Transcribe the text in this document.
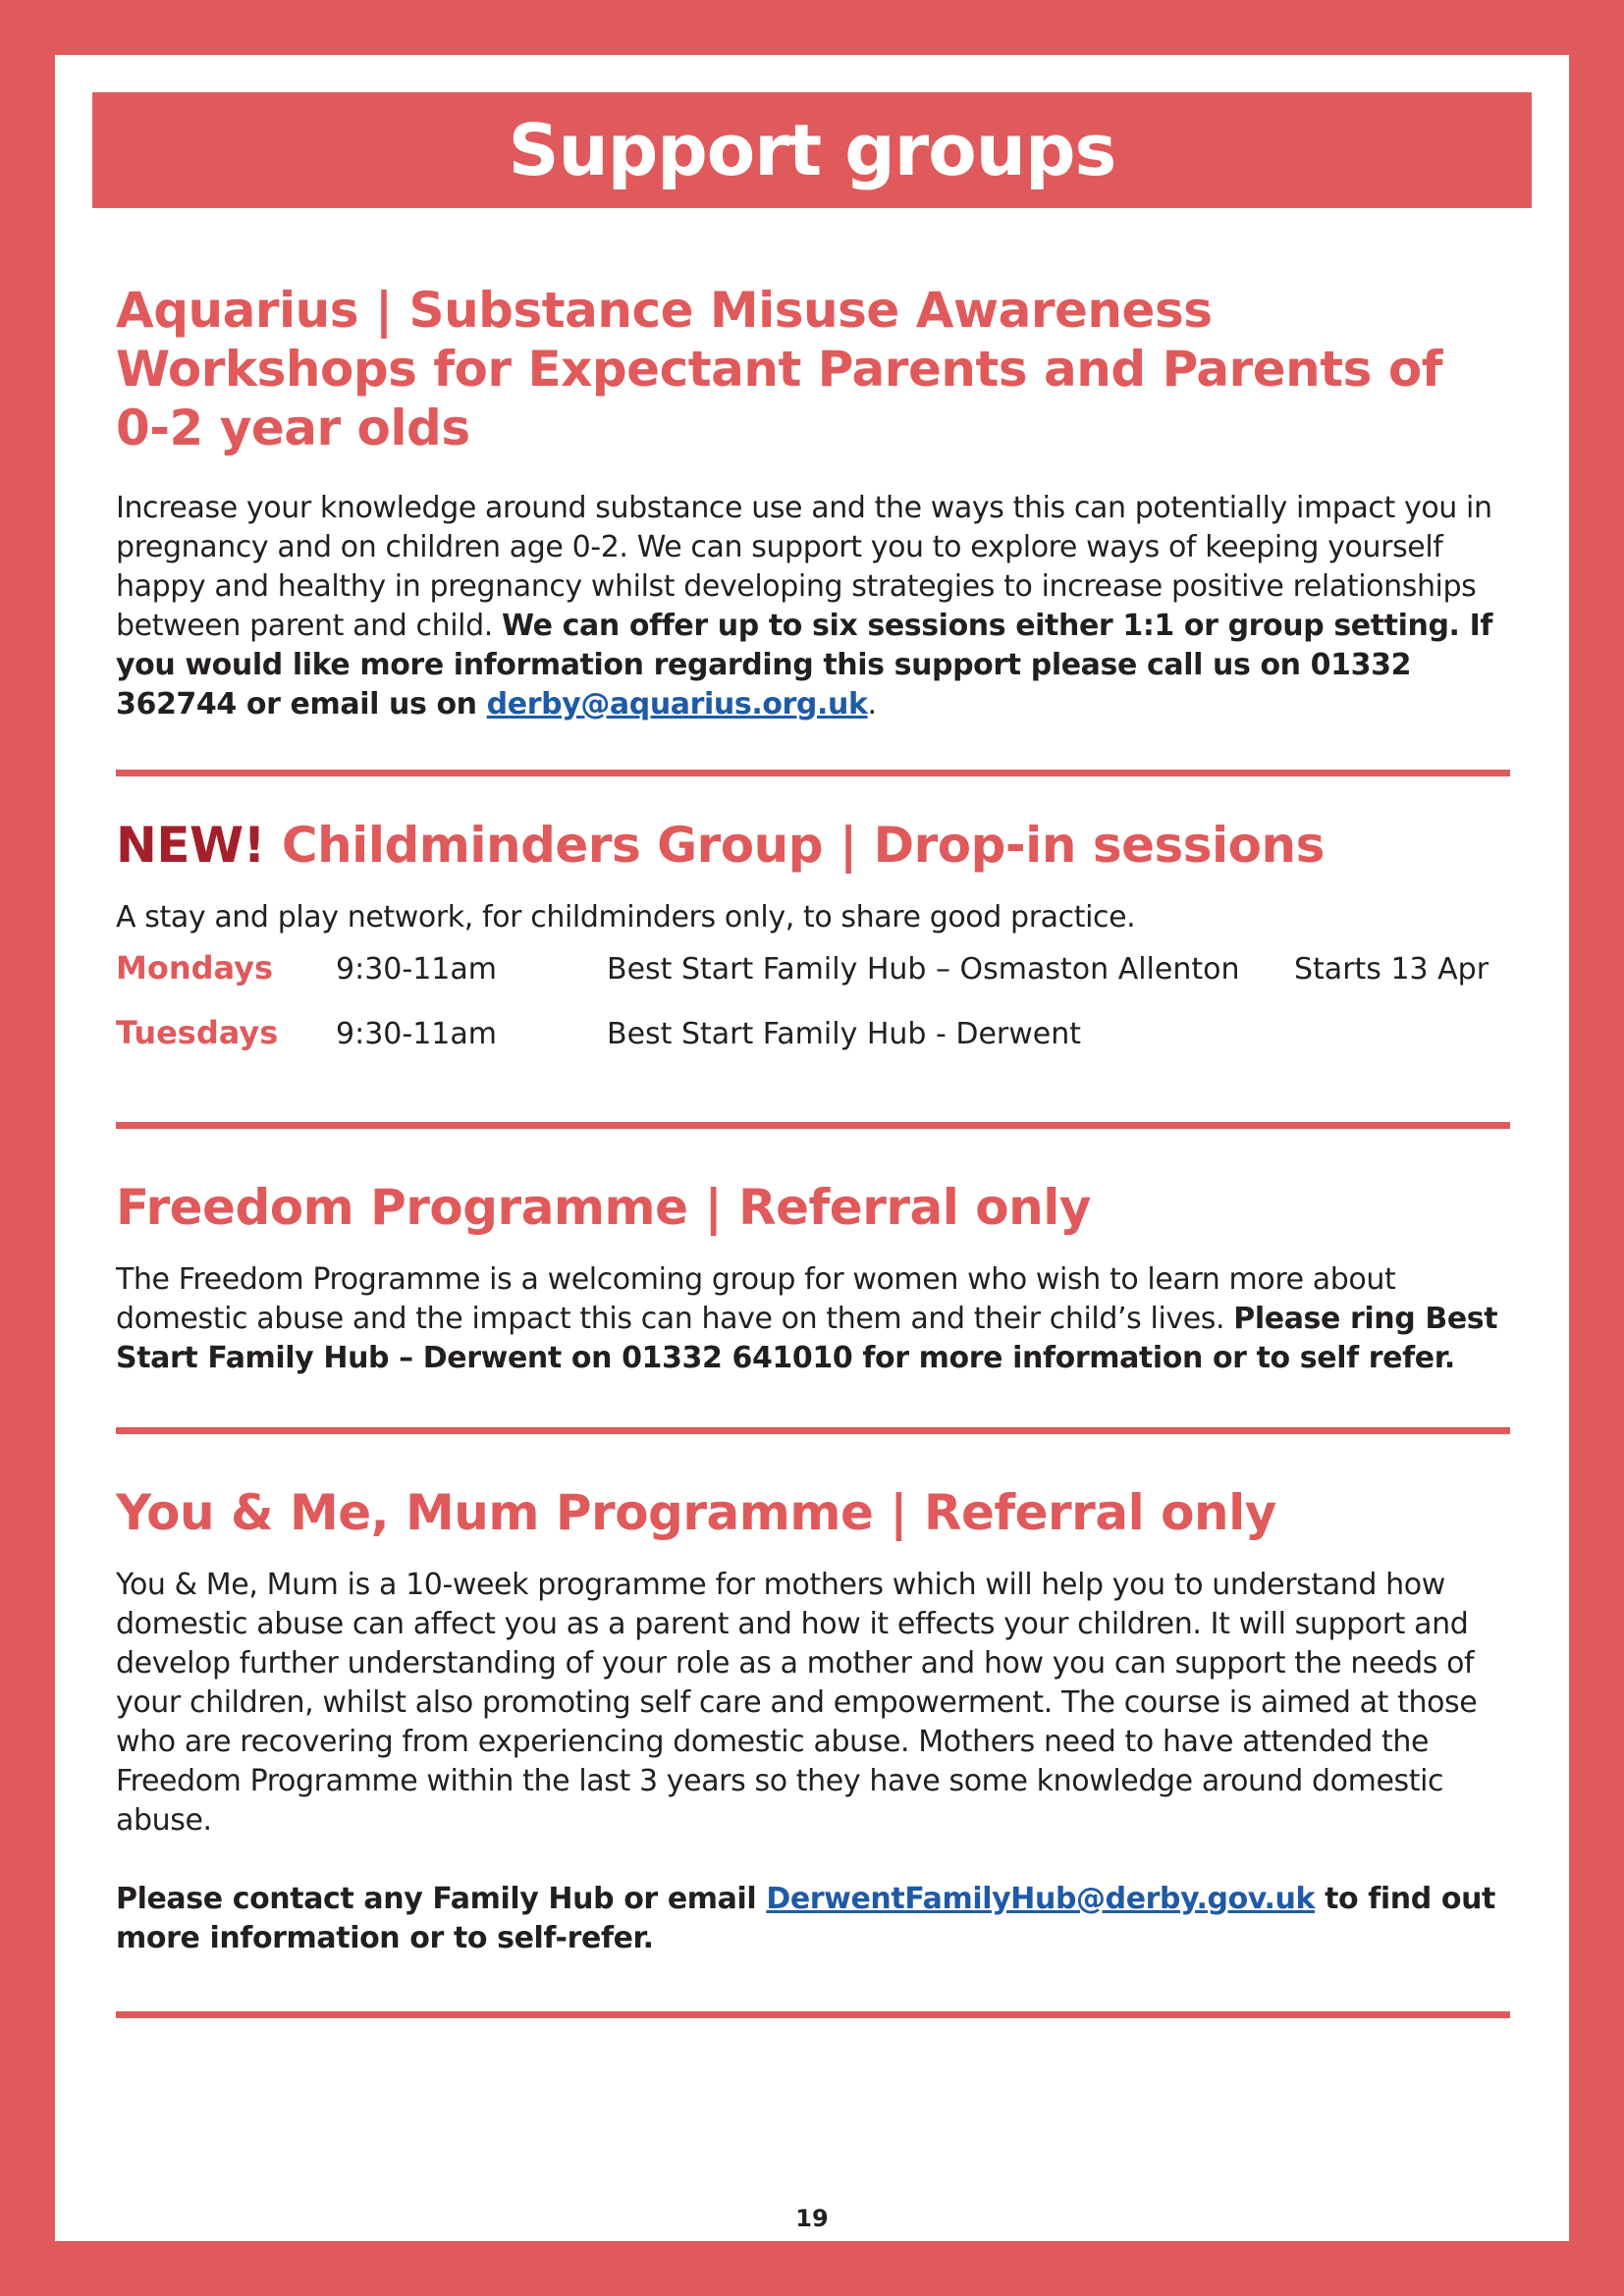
Support groups
Aquarius | Substance Misuse Awareness Workshops for Expectant Parents and Parents of 0-2 year olds

Increase your knowledge around substance use and the ways this can potentially impact you in pregnancy and on children age 0-2. We can support you to explore ways of keeping yourself happy and healthy in pregnancy whilst developing strategies to increase positive relationships between parent and child. We can offer up to six sessions either 1:1 or group setting. If you would like more information regarding this support please call us on 01332 362744 or email us on derby@aquarius.org.uk.

NEW! Childminders Group | Drop-in sessions

A stay and play network, for childminders only, to share good practice.

Mondays	9:30-11am	Best Start Family Hub – Osmaston Allenton	Starts 13 Apr
Tuesdays	9:30-11am	Best Start Family Hub - Derwent
Freedom Programme | Referral only

The Freedom Programme is a welcoming group for women who wish to learn more about domestic abuse and the impact this can have on them and their child’s lives. Please ring Best Start Family Hub – Derwent on 01332 641010 for more information or to self refer.

You & Me, Mum Programme | Referral only

You & Me, Mum is a 10-week programme for mothers which will help you to understand how domestic abuse can affect you as a parent and how it effects your children. It will support and develop further understanding of your role as a mother and how you can support the needs of your children, whilst also promoting self care and empowerment. The course is aimed at those who are recovering from experiencing domestic abuse. Mothers need to have attended the Freedom Programme within the last 3 years so they have some knowledge around domestic abuse.

Please contact any Family Hub or email DerwentFamilyHub@derby.gov.uk to find out more information or to self-refer.

19
